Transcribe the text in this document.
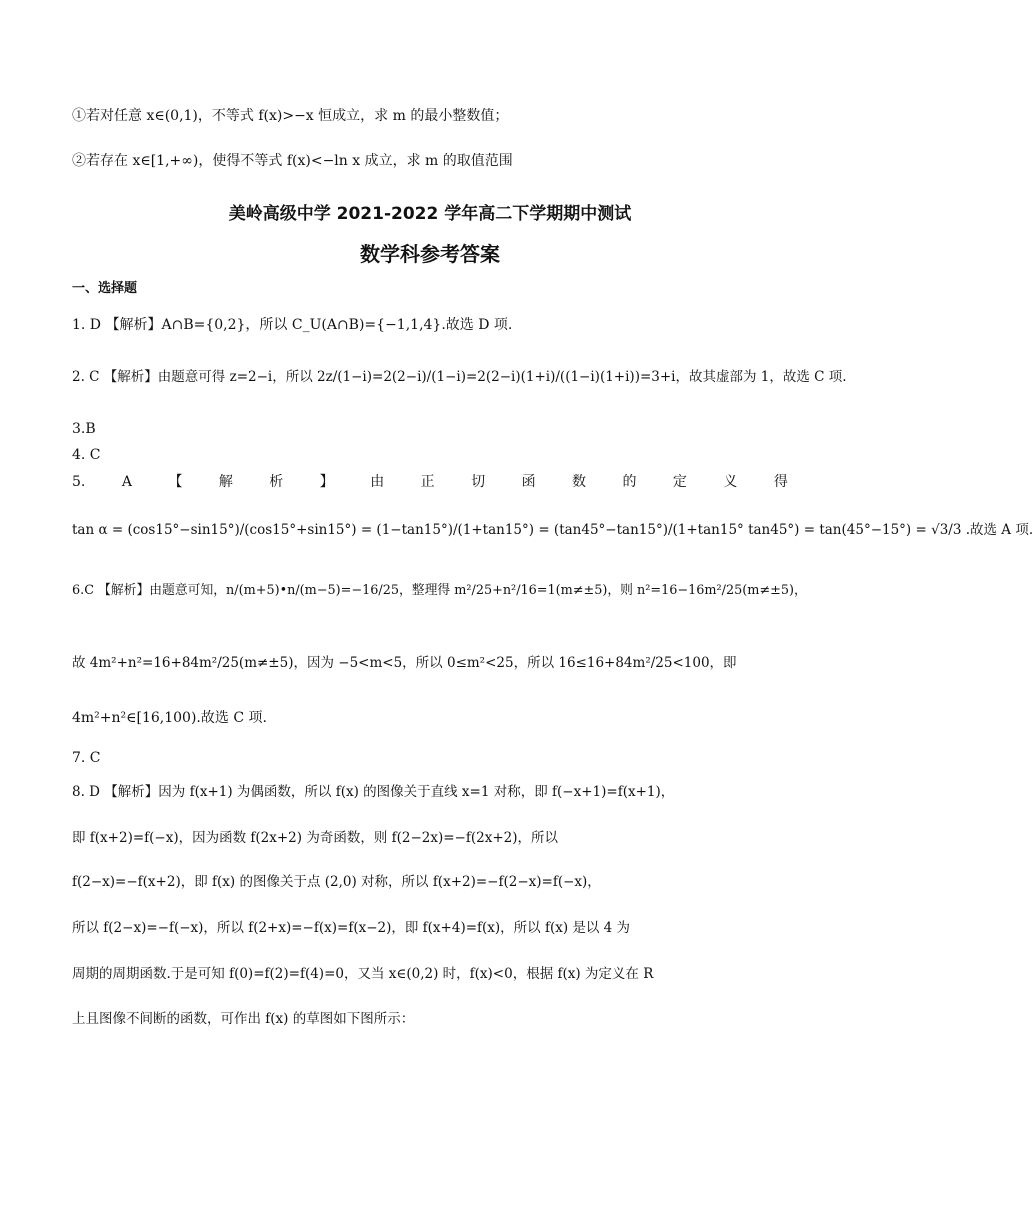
①若对任意 x∈(0,1)，不等式 f(x)>−x 恒成立，求 m 的最小整数值；
②若存在 x∈[1,+∞)，使得不等式 f(x)<−ln x 成立，求 m 的取值范围
美岭高级中学 2021-2022 学年高二下学期期中测试
数学科参考答案
一、选择题
1. D 【解析】A∩B={0,2}，所以 C_U(A∩B)={−1,1,4}.故选 D 项.
2. C 【解析】由题意可得 z=2−i，所以 2z/(1−i)=2(2−i)/(1−i)=2(2−i)(1+i)/((1−i)(1+i))=3+i，故其虚部为 1，故选 C 项.
3.B
4. C
5.	A	【	解	析	】	由	正	切	函	数	的	定	义	得
tan α = (cos15°−sin15°)/(cos15°+sin15°) = (1−tan15°)/(1+tan15°) = (tan45°−tan15°)/(1+tan15° tan45°) = tan(45°−15°) = √3/3 .故选 A 项.
6.C 【解析】由题意可知，n/(m+5)•n/(m−5)=−16/25，整理得 m²/25+n²/16=1(m≠±5)，则 n²=16−16m²/25(m≠±5)，
故 4m²+n²=16+84m²/25(m≠±5)，因为 −5<m<5，所以 0≤m²<25，所以 16≤16+84m²/25<100，即
4m²+n²∈[16,100).故选 C 项.
7. C
8. D 【解析】因为 f(x+1) 为偶函数，所以 f(x) 的图像关于直线 x=1 对称，即 f(−x+1)=f(x+1)，
即 f(x+2)=f(−x)，因为函数 f(2x+2) 为奇函数，则 f(2−2x)=−f(2x+2)，所以
f(2−x)=−f(x+2)，即 f(x) 的图像关于点 (2,0) 对称，所以 f(x+2)=−f(2−x)=f(−x)，
所以 f(2−x)=−f(−x)，所以 f(2+x)=−f(x)=f(x−2)，即 f(x+4)=f(x)，所以 f(x) 是以 4 为
周期的周期函数.于是可知 f(0)=f(2)=f(4)=0，又当 x∈(0,2) 时，f(x)<0，根据 f(x) 为定义在 R
上且图像不间断的函数，可作出 f(x) 的草图如下图所示：
